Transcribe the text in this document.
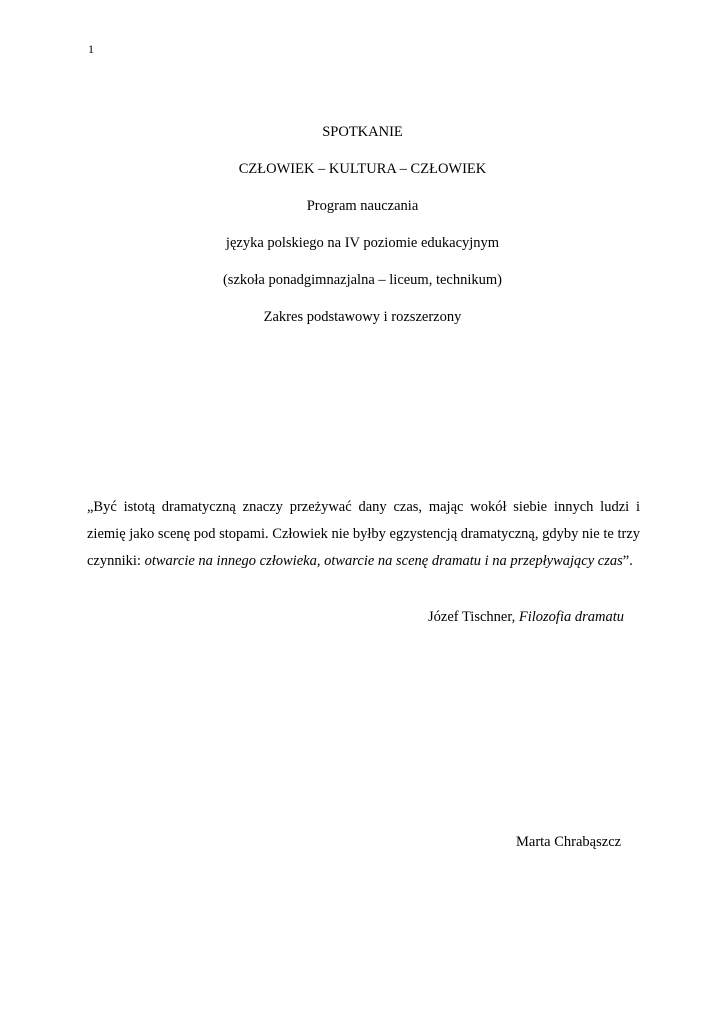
1

SPOTKANIE

CZŁOWIEK – KULTURA – CZŁOWIEK

Program nauczania

języka polskiego na IV poziomie edukacyjnym

(szkoła ponadgimnazjalna – liceum, technikum)

Zakres podstawowy i rozszerzony

„Być istotą dramatyczną znaczy przeżywać dany czas, mając wokół siebie innych ludzi i ziemię jako scenę pod stopami. Człowiek nie byłby egzystencją dramatyczną, gdyby nie te trzy czynniki: otwarcie na innego człowieka, otwarcie na scenę dramatu i na przepływający czas”.

Józef Tischner, Filozofia dramatu
Marta Chrabąszcz
